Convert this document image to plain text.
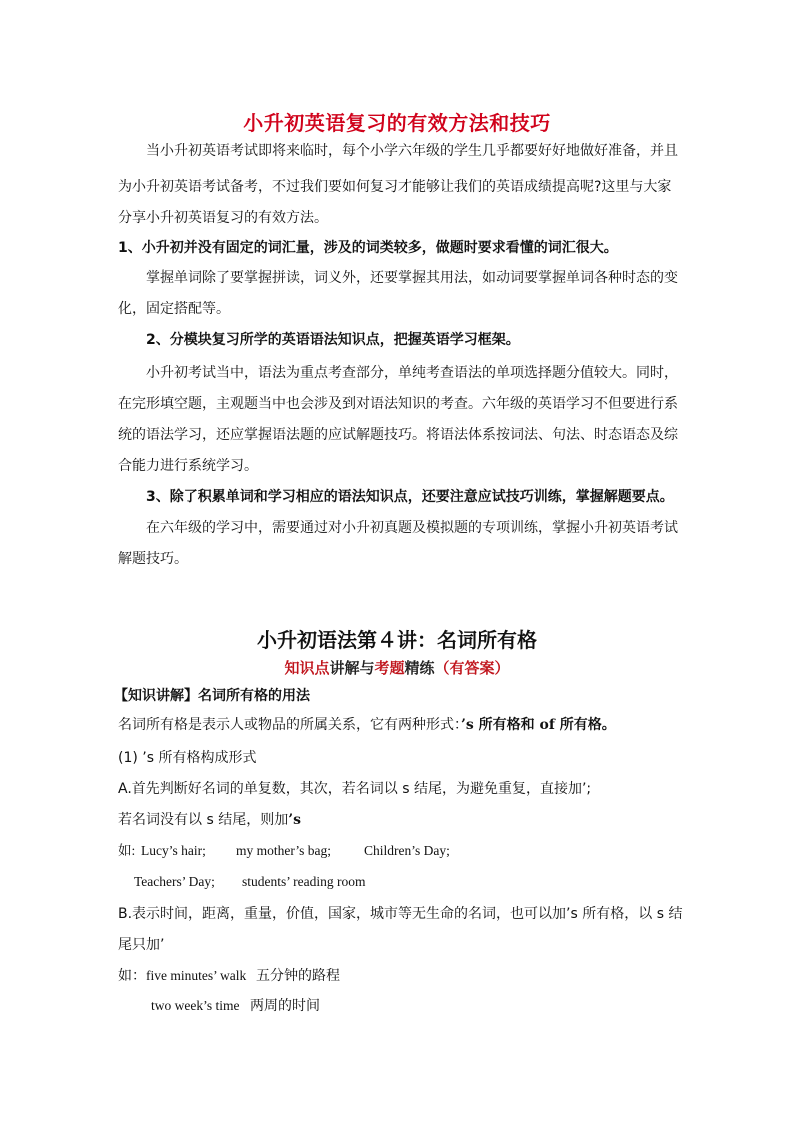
小升初英语复习的有效方法和技巧
当小升初英语考试即将来临时，每个小学六年级的学生几乎都要好好地做好准备，并且
为小升初英语考试备考，不过我们要如何复习才能够让我们的英语成绩提高呢?这里与大家
分享小升初英语复习的有效方法。
1、小升初并没有固定的词汇量，涉及的词类较多，做题时要求看懂的词汇很大。
掌握单词除了要掌握拼读，词义外，还要掌握其用法，如动词要掌握单词各种时态的变
化，固定搭配等。
2、分模块复习所学的英语语法知识点，把握英语学习框架。
小升初考试当中，语法为重点考查部分，单纯考查语法的单项选择题分值较大。同时，
在完形填空题，主观题当中也会涉及到对语法知识的考查。六年级的英语学习不但要进行系
统的语法学习，还应掌握语法题的应试解题技巧。将语法体系按词法、句法、时态语态及综
合能力进行系统学习。
3、除了积累单词和学习相应的语法知识点，还要注意应试技巧训练，掌握解题要点。
在六年级的学习中，需要通过对小升初真题及模拟题的专项训练，掌握小升初英语考试
解题技巧。
小升初语法第４讲：名词所有格
知识点讲解与考题精练（有答案）
【知识讲解】名词所有格的用法
名词所有格是表示人或物品的所属关系，它有两种形式：’s 所有格和 of 所有格。
(1) ’s 所有格构成形式
A.首先判断好名词的单复数，其次，若名词以 s 结尾，为避免重复，直接加’;
若名词没有以 s 结尾，则加’s
如: Lucy’s hair; my mother’s bag; Children’s Day;
Teachers’ Day; students’ reading room
B.表示时间，距离，重量，价值，国家，城市等无生命的名词，也可以加’s 所有格，以 s 结
尾只加’
如： five minutes’ walk 五分钟的路程
two week’s time 两周的时间
